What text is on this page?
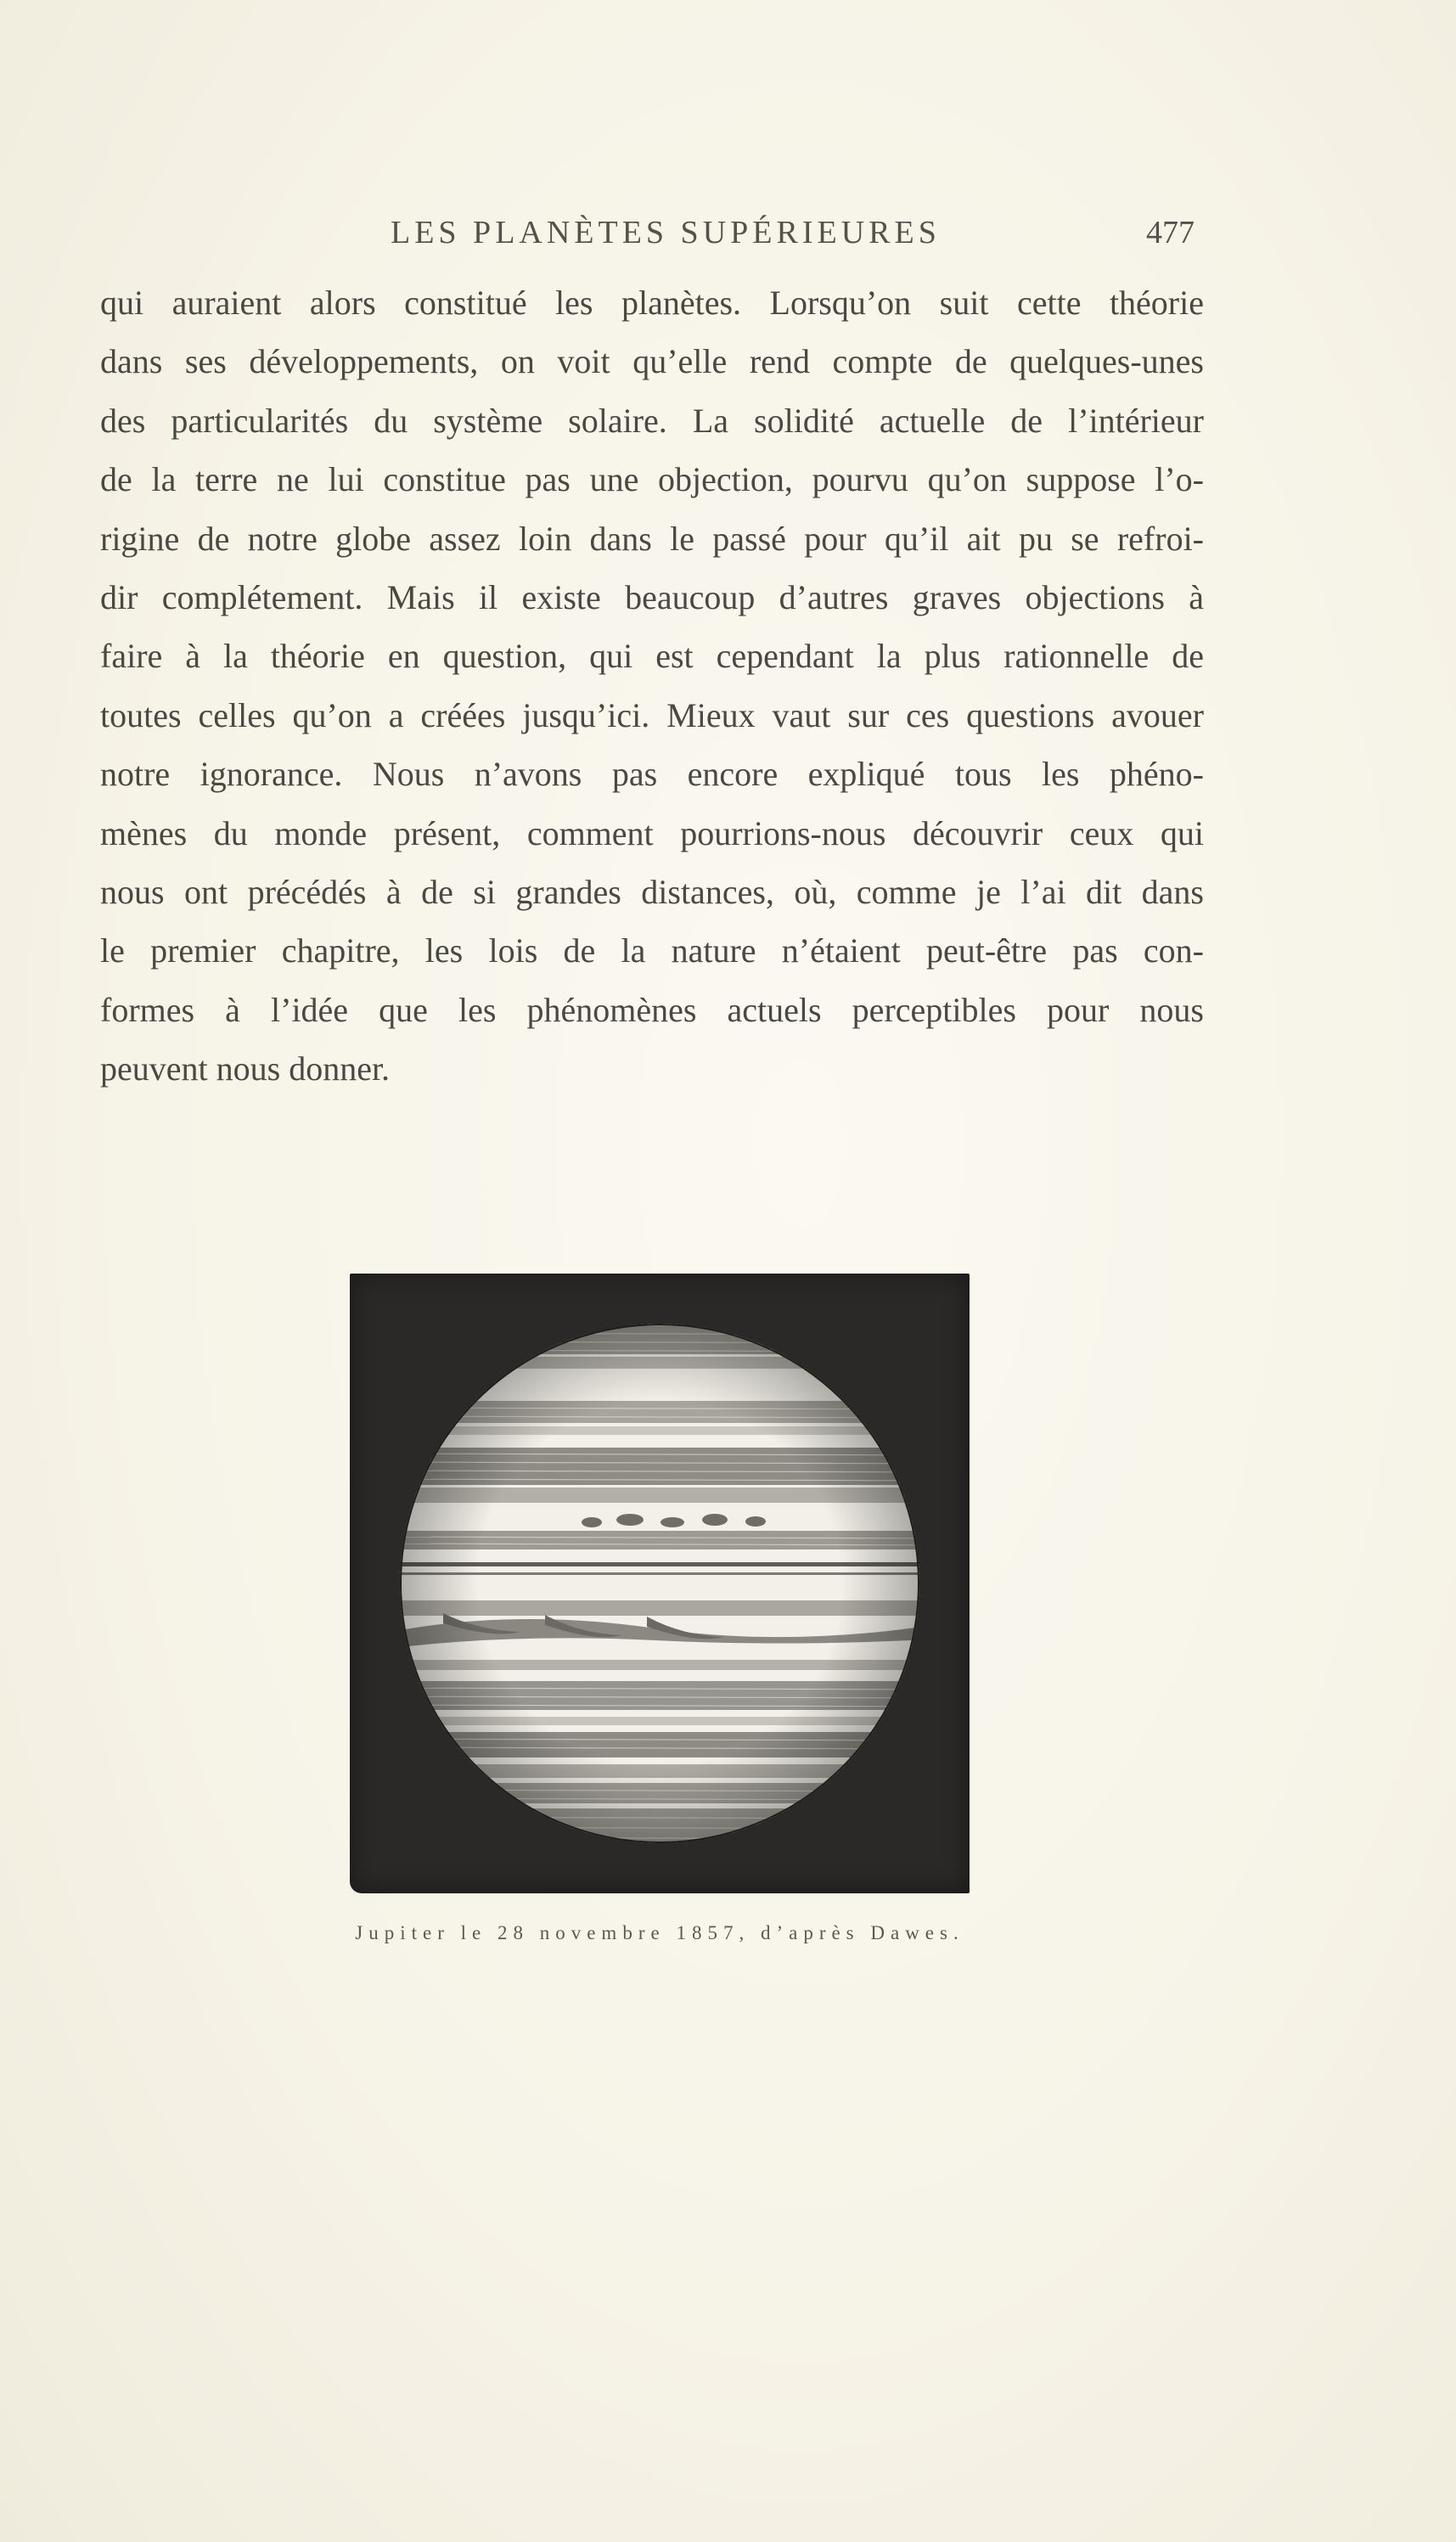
LES PLANÈTES SUPÉRIEURES	477
qui auraient alors constitué les planètes. Lorsqu’on suit cette théorie
dans ses développements, on voit qu’elle rend compte de quelques-unes
des particularités du système solaire. La solidité actuelle de l’intérieur
de la terre ne lui constitue pas une objection, pourvu qu’on suppose l’o-
rigine de notre globe assez loin dans le passé pour qu’il ait pu se refroi-
dir complétement. Mais il existe beaucoup d’autres graves objections à
faire à la théorie en question, qui est cependant la plus rationnelle de
toutes celles qu’on a créées jusqu’ici. Mieux vaut sur ces questions avouer
notre ignorance. Nous n’avons pas encore expliqué tous les phéno-
mènes du monde présent, comment pourrions-nous découvrir ceux qui
nous ont précédés à de si grandes distances, où, comme je l’ai dit dans
le premier chapitre, les lois de la nature n’étaient peut-être pas con-
formes à l’idée que les phénomènes actuels perceptibles pour nous
peuvent nous donner.
Jupiter le 28 novembre 1857, d’après Dawes.
